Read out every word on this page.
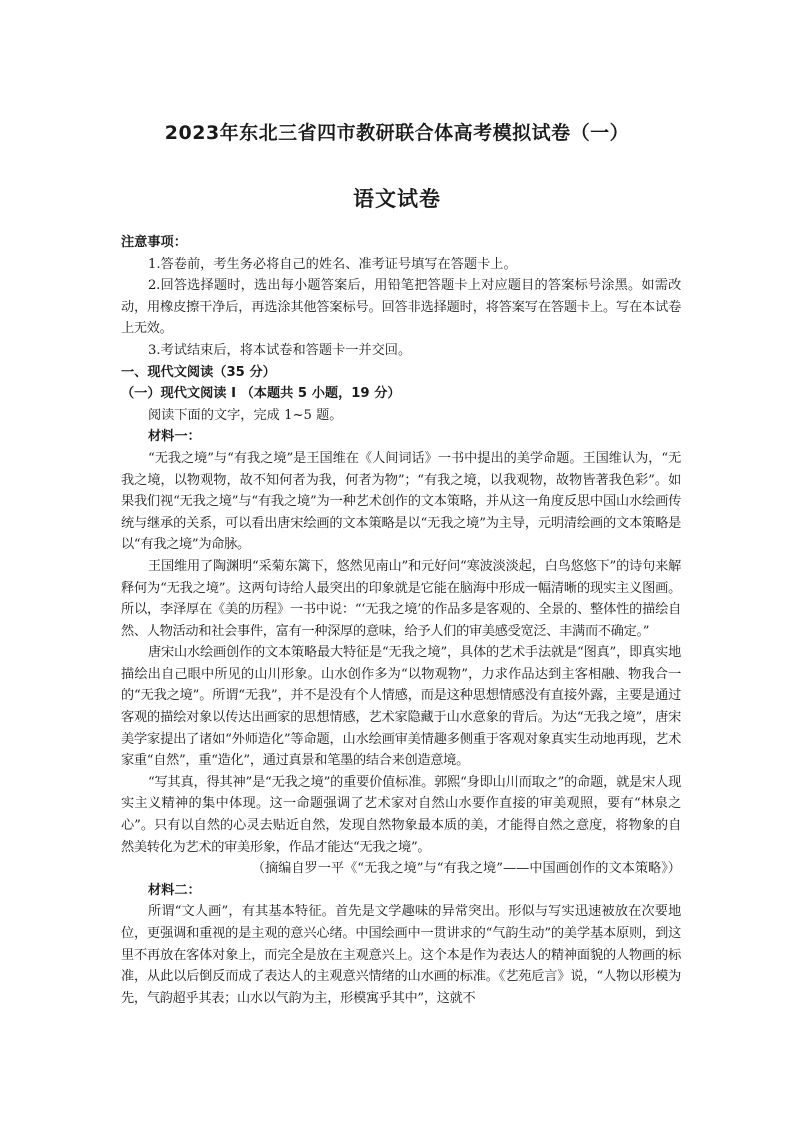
2023年东北三省四市教研联合体高考模拟试卷（一）
语文试卷

注意事项：

1.答卷前，考生务必将自己的姓名、准考证号填写在答题卡上。

2.回答选择题时，选出每小题答案后，用铅笔把答题卡上对应题目的答案标号涂黑。如需改动，用橡皮擦干净后，再选涂其他答案标号。回答非选择题时，将答案写在答题卡上。写在本试卷上无效。

3.考试结束后，将本试卷和答题卡一并交回。

一、现代文阅读（35 分）

（一）现代文阅读 I （本题共 5 小题，19 分）

阅读下面的文字，完成 1~5 题。

材料一：

“无我之境”与“有我之境”是王国维在《人间词话》一书中提出的美学命题。王国维认为，“无我之境，以物观物，故不知何者为我，何者为物”；“有我之境，以我观物，故物皆著我色彩”。如果我们视“无我之境”与“有我之境”为一种艺术创作的文本策略，并从这一角度反思中国山水绘画传统与继承的关系，可以看出唐宋绘画的文本策略是以“无我之境”为主导，元明清绘画的文本策略是以“有我之境”为命脉。

王国维用了陶渊明“采菊东篱下，悠然见南山”和元好问“寒波淡淡起，白鸟悠悠下”的诗句来解释何为“无我之境”。这两句诗给人最突出的印象就是它能在脑海中形成一幅清晰的现实主义图画。所以，李泽厚在《美的历程》一书中说：“‘无我之境’的作品多是客观的、全景的、整体性的描绘自然、人物活动和社会事件，富有一种深厚的意味，给予人们的审美感受宽泛、丰满而不确定。”

唐宋山水绘画创作的文本策略最大特征是“无我之境”，具体的艺术手法就是“图真”，即真实地描绘出自己眼中所见的山川形象。山水创作多为“以物观物”，力求作品达到主客相融、物我合一的“无我之境”。所谓“无我”，并不是没有个人情感，而是这种思想情感没有直接外露，主要是通过客观的描绘对象以传达出画家的思想情感，艺术家隐藏于山水意象的背后。为达“无我之境”，唐宋美学家提出了诸如“外师造化”等命题，山水绘画审美情趣多侧重于客观对象真实生动地再现，艺术家重“自然”，重“造化”，通过真景和笔墨的结合来创造意境。

“写其真，得其神”是“无我之境”的重要价值标准。郭熙“身即山川而取之”的命题，就是宋人现实主义精神的集中体现。这一命题强调了艺术家对自然山水要作直接的审美观照，要有“林泉之心”。只有以自然的心灵去贴近自然，发现自然物象最本质的美，才能得自然之意度，将物象的自然美转化为艺术的审美形象，作品才能达“无我之境”。

（摘编自罗一平《“无我之境”与“有我之境”——中国画创作的文本策略》）

材料二：

所谓“文人画”，有其基本特征。首先是文学趣味的异常突出。形似与写实迅速被放在次要地位，更强调和重视的是主观的意兴心绪。中国绘画中一贯讲求的“气韵生动”的美学基本原则，到这里不再放在客体对象上，而完全是放在主观意兴上。这个本是作为表达人的精神面貌的人物画的标准，从此以后倒反而成了表达人的主观意兴情绪的山水画的标准。《艺苑卮言》说，“人物以形模为先，气韵超乎其表；山水以气韵为主，形模寓乎其中”，这就不
